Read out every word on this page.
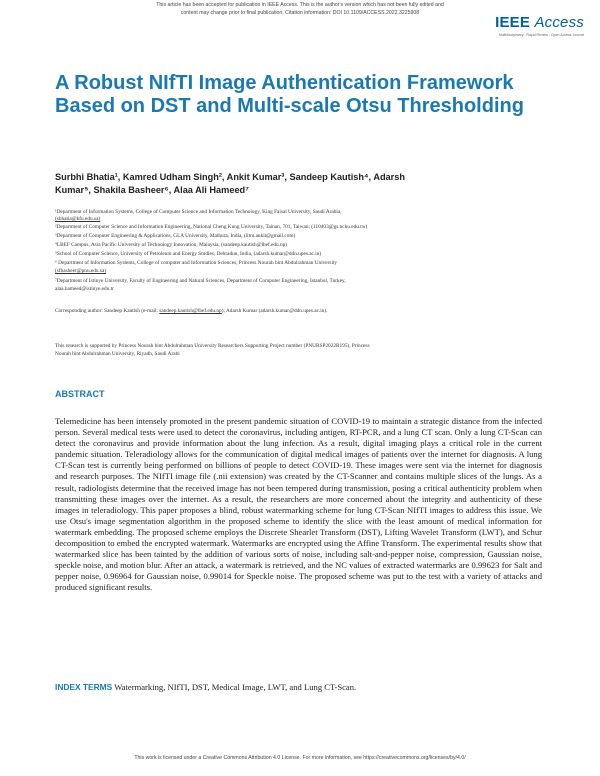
This article has been accepted for publication in IEEE Access. This is the author's version which has not been fully edited and
content may change prior to final publication. Citation information: DOI 10.1109/ACCESS.2022.3225908
IEEE Access
Multidisciplinary : Rapid Review : Open Access Journal
A Robust NIfTI Image Authentication Framework Based on DST and Multi-scale Otsu Thresholding
Surbhi Bhatia¹, Kamred Udham Singh², Ankit Kumar³, Sandeep Kautish⁴, Adarsh
Kumar⁵, Shakila Basheer⁶, Alaa Ali Hameed⁷
¹Department of Information Systems, College of Computer Science and Information Technology, King Faisal University, Saudi Arabia,
(sbhatia@kfu.edu.sa)
²Department of Computer Science and Information Engineering, National Cheng Kung University, Tainan, 701, Taiwan; (110403@gs.ncku.edu.tw)
³Department of Computer Engineering & Applications, GLA University, Mathura, India, (iitm.ankit@gmail.com)
⁴LBEF Campus, Asia Pacific University of Technology Innovation, Malaysia, (sandeep.kautish@lbef.edu.np)
⁵School of Computer Science, University of Petroleum and Energy Studies, Dehradun, India, (adarsh.kumar@ddn.upes.ac.in)
⁶ Department of Information Systems, College of computer and Information Sciences, Princess Nourah bint Abdulrahman University
(sfbasheer@pnu.edu.sa)
⁷Department of Istinye University, Faculty of Engineering and Natural Sciences, Department of Computer Engineering, Istanbul, Turkey,
alaa.hameed@istinye.edu.tr
Corresponding author: Sandeep Kautish (e-mail: sandeep.kautish@lbef.edu.np); Adarsh Kumar (adarsh.kumar@ddn.upes.ac.in).
This research is supported by Princess Nourah bint Abdulrahman University Researchers Supporting Project number (PNURSP2022R195), Princess
Nourah bint Abdulrahman University, Riyadh, Saudi Arabi
ABSTRACT

Telemedicine has been intensely promoted in the present pandemic situation of COVID-19 to maintain a strategic distance from the infected person. Several medical tests were used to detect the coronavirus, including antigen, RT-PCR, and a lung CT scan. Only a lung CT-Scan can detect the coronavirus and provide information about the lung infection. As a result, digital imaging plays a critical role in the current pandemic situation. Teleradiology allows for the communication of digital medical images of patients over the internet for diagnosis. A lung CT-Scan test is currently being performed on billions of people to detect COVID-19. These images were sent via the internet for diagnosis and research purposes. The NIfTI image file (.nii extension) was created by the CT-Scanner and contains multiple slices of the lungs. As a result, radiologists determine that the received image has not been tempered during transmission, posing a critical authenticity problem when transmitting these images over the internet. As a result, the researchers are more concerned about the integrity and authenticity of these images in teleradiology. This paper proposes a blind, robust watermarking scheme for lung CT-Scan NIfTI images to address this issue. We use Otsu's image segmentation algorithm in the proposed scheme to identify the slice with the least amount of medical information for watermark embedding. The proposed scheme employs the Discrete Shearlet Transform (DST), Lifting Wavelet Transform (LWT), and Schur decomposition to embed the encrypted watermark. Watermarks are encrypted using the Affine Transform. The experimental results show that watermarked slice has been tainted by the addition of various sorts of noise, including salt-and-pepper noise, compression, Gaussian noise, speckle noise, and motion blur. After an attack, a watermark is retrieved, and the NC values of extracted watermarks are 0.99623 for Salt and pepper noise, 0.96964 for Gaussian noise, 0.99014 for Speckle noise. The proposed scheme was put to the test with a variety of attacks and produced significant results.

INDEX TERMS Watermarking, NIfTI, DST, Medical Image, LWT, and Lung CT-Scan.
This work is licensed under a Creative Commons Attribution 4.0 License. For more information, see https://creativecommons.org/licenses/by/4.0/
